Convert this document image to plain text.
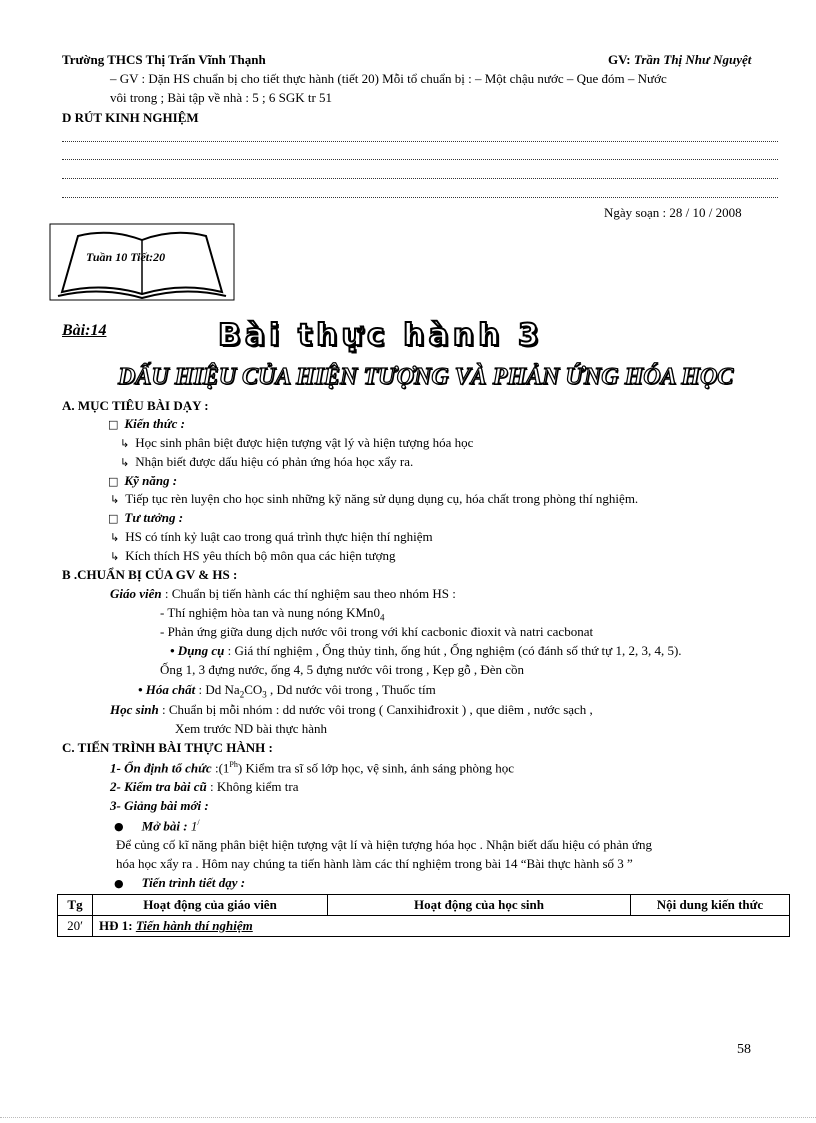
Trường THCS Thị Trấn Vĩnh Thạnh	GV: Trần Thị Như Nguyệt
– GV : Dặn HS chuẩn bị cho tiết thực hành (tiết 20) Mỗi tổ chuẩn bị : – Một chậu nước – Que đóm – Nước
vôi trong ; Bài tập về nhà : 5 ; 6 SGK tr 51
D RÚT KINH NGHIỆM
Ngày soạn : 28 / 10 / 2008
Tuần 10 Tiết:20
Bài:14	Bài thực hành 3
DẤU HIỆU CỦA HIỆN TƯỢNG VÀ PHẢN ỨNG HÓA HỌC
A. MỤC TIÊU BÀI DẠY :
□ Kiến thức :
↳ Học sinh phân biệt được hiện tượng vật lý và hiện tượng hóa học
↳ Nhận biết được dấu hiệu có phản ứng hóa học xẩy ra.
□ Kỹ năng :
↳ Tiếp tục rèn luyện cho học sinh những kỹ năng sử dụng dụng cụ, hóa chất trong phòng thí nghiệm.
□ Tư tưởng :
↳ HS có tính kỷ luật cao trong quá trình thực hiện thí nghiệm
↳ Kích thích HS yêu thích bộ môn qua các hiện tượng
B .CHUẨN BỊ CỦA GV & HS :
Giáo viên : Chuẩn bị tiến hành các thí nghiệm sau theo nhóm HS :
- Thí nghiệm hòa tan và nung nóng $KMn0_4$
- Phản ứng giữa dung dịch nước vôi trong với khí cacbonic đioxit và natri cacbonat
• Dụng cụ : Giá thí nghiệm , Ống thủy tinh, ống hút , Ống nghiệm (có đánh số thứ tự 1, 2, 3, 4, 5).
Ống 1, 3 đựng nước, ống 4, 5 đựng nước vôi trong , Kẹp gỗ , Đèn cồn
• Hóa chất : Dd $Na_2CO_3$ , Dd nước vôi trong , Thuốc tím
Học sinh : Chuẩn bị mỗi nhóm : dd nước vôi trong ( Canxihiđroxit ) , que diêm , nước sạch ,
Xem trước ND bài thực hành
C. TIẾN TRÌNH BÀI THỰC HÀNH :
1- Ổn định tổ chức $:(1^{Ph})$ Kiểm tra sĩ số lớp học, vệ sinh, ánh sáng phòng học
2- Kiểm tra bài cũ : Không kiểm tra
3- Giảng bài mới :
● Mở bài : 1/
Để củng cố kĩ năng phân biệt hiện tượng vật lí và hiện tượng hóa học . Nhận biết dấu hiệu có phản ứng
hóa học xẩy ra . Hôm nay chúng ta tiến hành làm các thí nghiệm trong bài 14 “Bài thực hành số 3 ”
● Tiến trình tiết dạy :
Tg	Hoạt động của giáo viên	Hoạt động của học sinh	Nội dung kiến thức
20′	HĐ 1: Tiến hành thí nghiệm		
58
